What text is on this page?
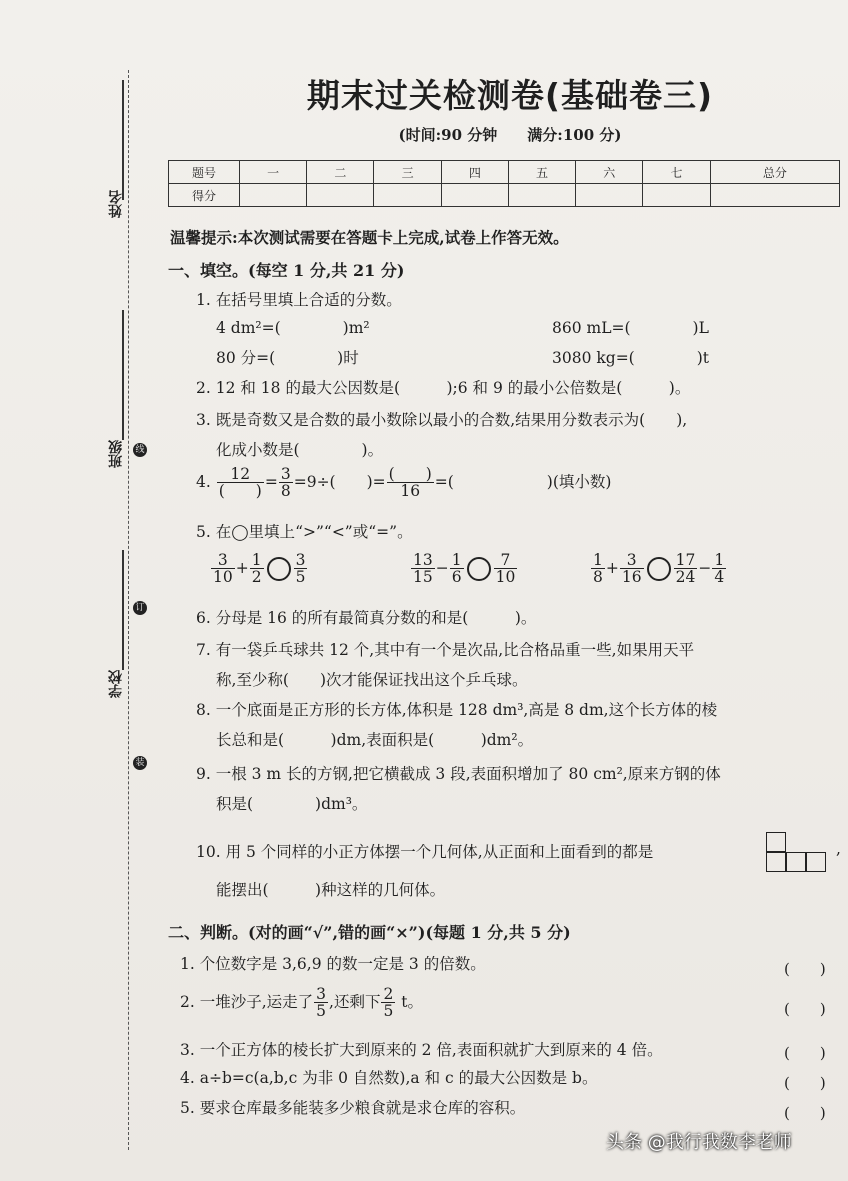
姓名
班级
学校
线
订
装
期末过关检测卷(基础卷三)
(时间:90 分钟　　满分:100 分)
题号	一	二	三	四	五	六	七	总分
得分								
温馨提示:本次测试需要在答题卡上完成,试卷上作答无效。
一、填空。(每空 1 分,共 21 分)
1. 在括号里填上合适的分数。
4 dm²=(　　　　)m²	860 mL=(　　　　)L
80 分=(　　　　)时	3080 kg=(　　　　)t
2. 12 和 18 的最大公因数是(　　　);6 和 9 的最小公倍数是(　　　)。
3. 既是奇数又是合数的最小数除以最小的合数,结果用分数表示为(　　),
化成小数是(　　　　)。
4. $\frac{12}{( )} = \frac{3}{8} =9\div$(　　)= $\frac{( )}{16}$ =(　　　　　　)(填小数)
5. 在◯里填上“>”“<”或“=”。
$\frac{3}{10} + \frac{1}{2} \frac{3}{5}$	$\frac{13}{15} - \frac{1}{6} \frac{7}{10}$	$\frac{1}{8} + \frac{3}{16} \frac{17}{24} - \frac{1}{4}$
6. 分母是 16 的所有最简真分数的和是(　　　)。
7. 有一袋乒乓球共 12 个,其中有一个是次品,比合格品重一些,如果用天平
称,至少称(　　)次才能保证找出这个乒乓球。
8. 一个底面是正方形的长方体,体积是 128 dm³,高是 8 dm,这个长方体的棱
长总和是(　　　)dm,表面积是(　　　)dm²。
9. 一根 3 m 长的方钢,把它横截成 3 段,表面积增加了 80 cm²,原来方钢的体
积是(　　　　)dm³。
10. 用 5 个同样的小正方体摆一个几何体,从正面和上面看到的都是	,
能摆出(　　　)种这样的几何体。
二、判断。(对的画“√”,错的画“×”)(每题 1 分,共 5 分)
1. 个位数字是 3,6,9 的数一定是 3 的倍数。	(　　)
2. 一堆沙子,运走了 $\frac{3}{5}$ ,还剩下 $\frac{2}{5}$ t。	(　　)
3. 一个正方体的棱长扩大到原来的 2 倍,表面积就扩大到原来的 4 倍。	(　　)
4. a÷b=c(a,b,c 为非 0 自然数),a 和 c 的最大公因数是 b。	(　　)
5. 要求仓库最多能装多少粮食就是求仓库的容积。	(　　)
头条 @我行我数李老师
